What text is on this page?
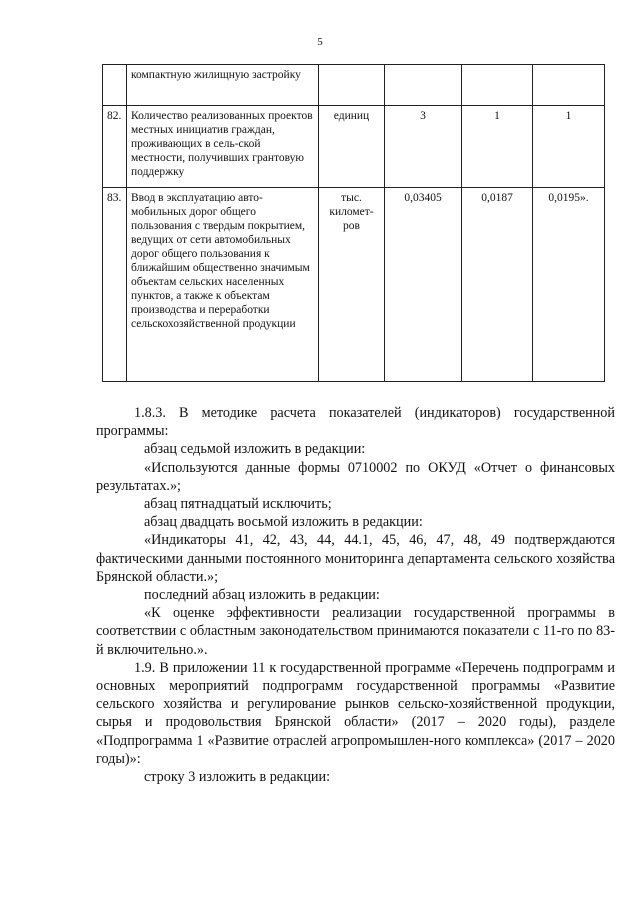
5
	компактную жилищную застройку				
82.	Количество реализованных проектов местных инициатив граждан, проживающих в сель-ской местности, получивших грантовую поддержку	единиц	3	1	1
83.	Ввод в эксплуатацию авто-мобильных дорог общего пользования с твердым покрытием, ведущих от сети автомобильных дорог общего пользования к ближайшим общественно значимым объектам сельских населенных пунктов, а также к объектам производства и переработки сельскохозяйственной продукции	тыс. километ-ров	0,03405	0,0187	0,0195».

1.8.3. В методике расчета показателей (индикаторов) государственной программы:

абзац седьмой изложить в редакции:

«Используются данные формы 0710002 по ОКУД «Отчет о финансовых результатах.»;

абзац пятнадцатый исключить;

абзац двадцать восьмой изложить в редакции:

«Индикаторы 41, 42, 43, 44, 44.1, 45, 46, 47, 48, 49 подтверждаются фактическими данными постоянного мониторинга департамента сельского хозяйства Брянской области.»;

последний абзац изложить в редакции:

«К оценке эффективности реализации государственной программы в соответствии с областным законодательством принимаются показатели с 11-го по 83-й включительно.».

1.9. В приложении 11 к государственной программе «Перечень подпрограмм и основных мероприятий подпрограмм государственной программы «Развитие сельского хозяйства и регулирование рынков сельско-хозяйственной продукции, сырья и продовольствия Брянской области» (2017 – 2020 годы), разделе «Подпрограмма 1 «Развитие отраслей агропромышлен-ного комплекса» (2017 – 2020 годы)»:

строку 3 изложить в редакции:
